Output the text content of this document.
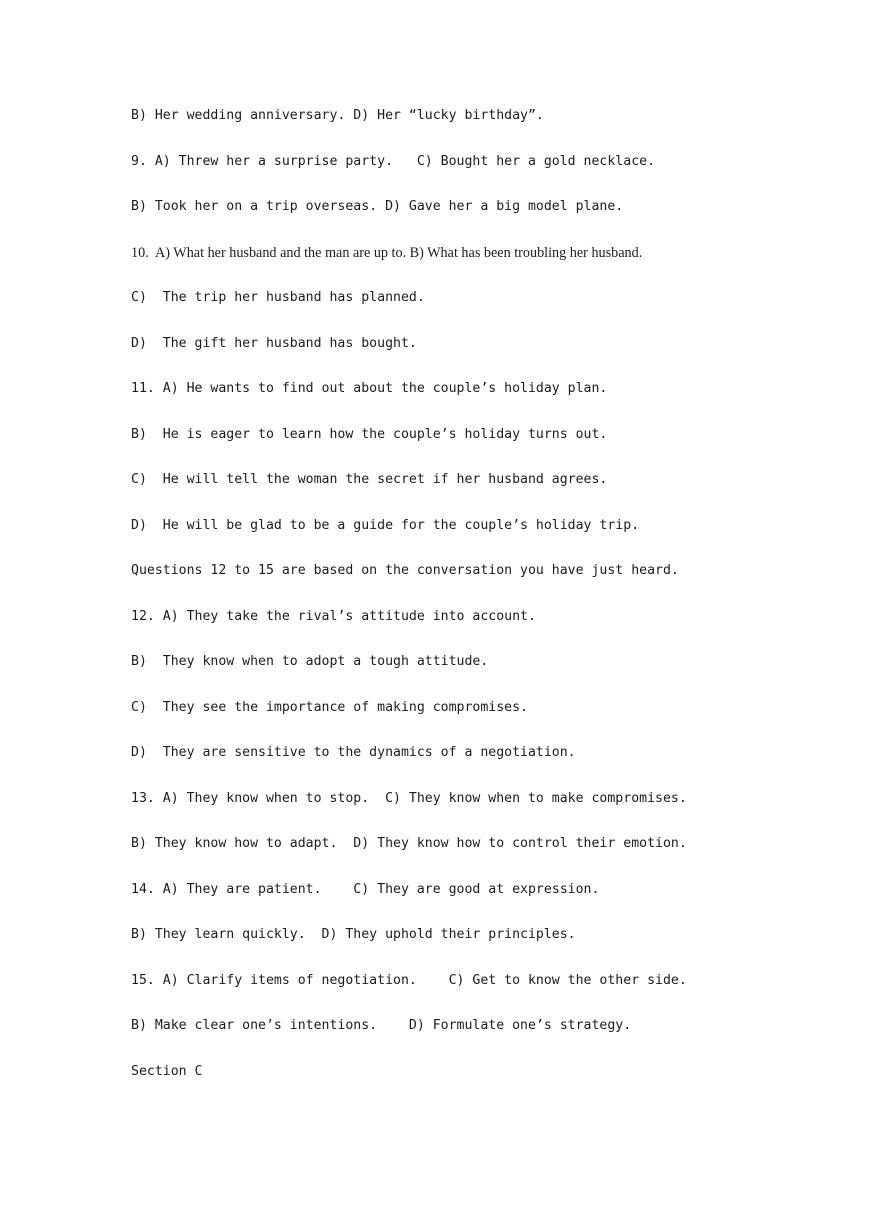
B) Her wedding anniversary. D) Her “lucky birthday”.
9. A) Threw her a surprise party.   C) Bought her a gold necklace.
B) Took her on a trip overseas. D) Gave her a big model plane.
10.  A) What her husband and the man are up to. B) What has been troubling her husband.
C)  The trip her husband has planned.
D)  The gift her husband has bought.
11. A) He wants to find out about the couple’s holiday plan.
B)  He is eager to learn how the couple’s holiday turns out.
C)  He will tell the woman the secret if her husband agrees.
D)  He will be glad to be a guide for the couple’s holiday trip.
Questions 12 to 15 are based on the conversation you have just heard.
12. A) They take the rival’s attitude into account.
B)  They know when to adopt a tough attitude.
C)  They see the importance of making compromises.
D)  They are sensitive to the dynamics of a negotiation.
13. A) They know when to stop.  C) They know when to make compromises.
B) They know how to adapt.  D) They know how to control their emotion.
14. A) They are patient.    C) They are good at expression.
B) They learn quickly.  D) They uphold their principles.
15. A) Clarify items of negotiation.    C) Get to know the other side.
B) Make clear one’s intentions.    D) Formulate one’s strategy.
Section C
